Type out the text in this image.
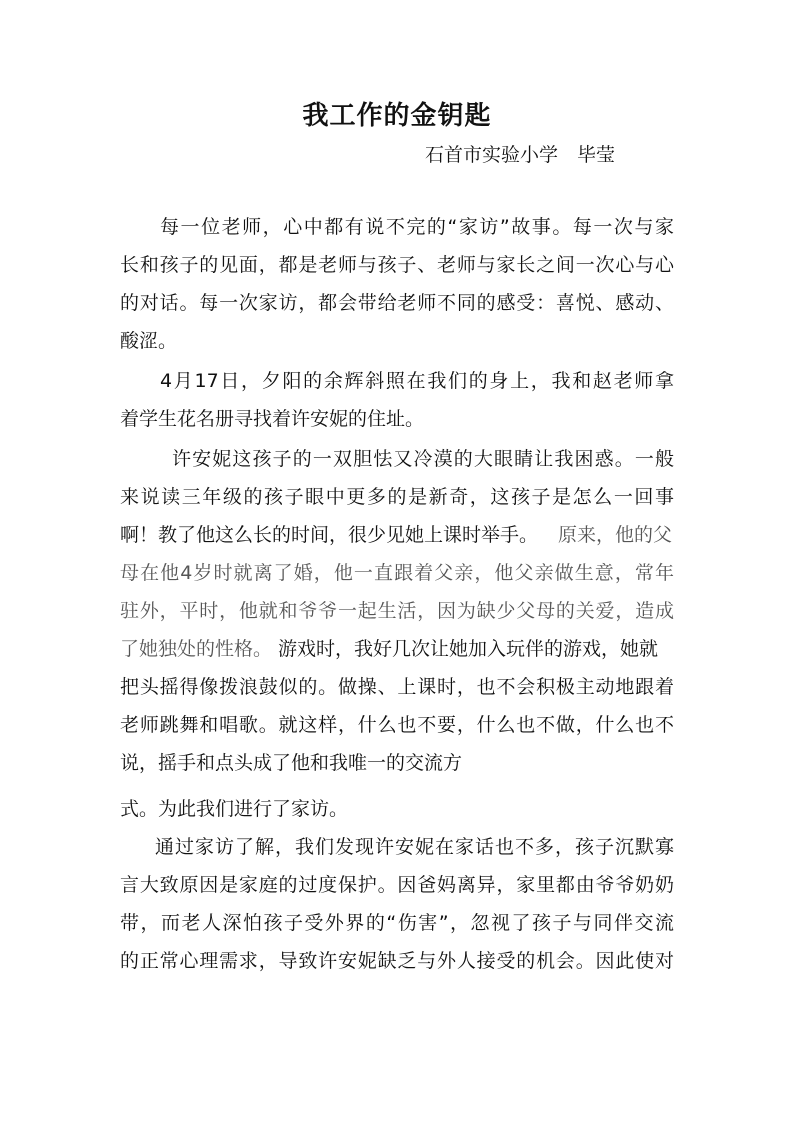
我工作的金钥匙
石首市实验小学　毕莹
每一位老师，心中都有说不完的“家访”故事。每一次与家
长和孩子的见面，都是老师与孩子、老师与家长之间一次心与心
的对话。每一次家访，都会带给老师不同的感受：喜悦、感动、
酸涩。
4月17日，夕阳的余辉斜照在我们的身上，我和赵老师拿
着学生花名册寻找着许安妮的住址。
许安妮这孩子的一双胆怯又冷漠的大眼睛让我困惑。一般
来说读三年级的孩子眼中更多的是新奇，这孩子是怎么一回事
啊！教了他这么长的时间，很少见她上课时举手。 原来，他的父
母在他4岁时就离了婚，他一直跟着父亲，他父亲做生意，常年
驻外，平时，他就和爷爷一起生活，因为缺少父母的关爱，造成
了她独处的性格。 游戏时，我好几次让她加入玩伴的游戏，她就
把头摇得像拨浪鼓似的。做操、上课时，也不会积极主动地跟着
老师跳舞和唱歌。就这样，什么也不要，什么也不做，什么也不
说，摇手和点头成了他和我唯一的交流方
式。为此我们进行了家访。
通过家访了解，我们发现许安妮在家话也不多，孩子沉默寡
言大致原因是家庭的过度保护。因爸妈离异，家里都由爷爷奶奶
带，而老人深怕孩子受外界的“伤害”，忽视了孩子与同伴交流
的正常心理需求，导致许安妮缺乏与外人接受的机会。因此使对
